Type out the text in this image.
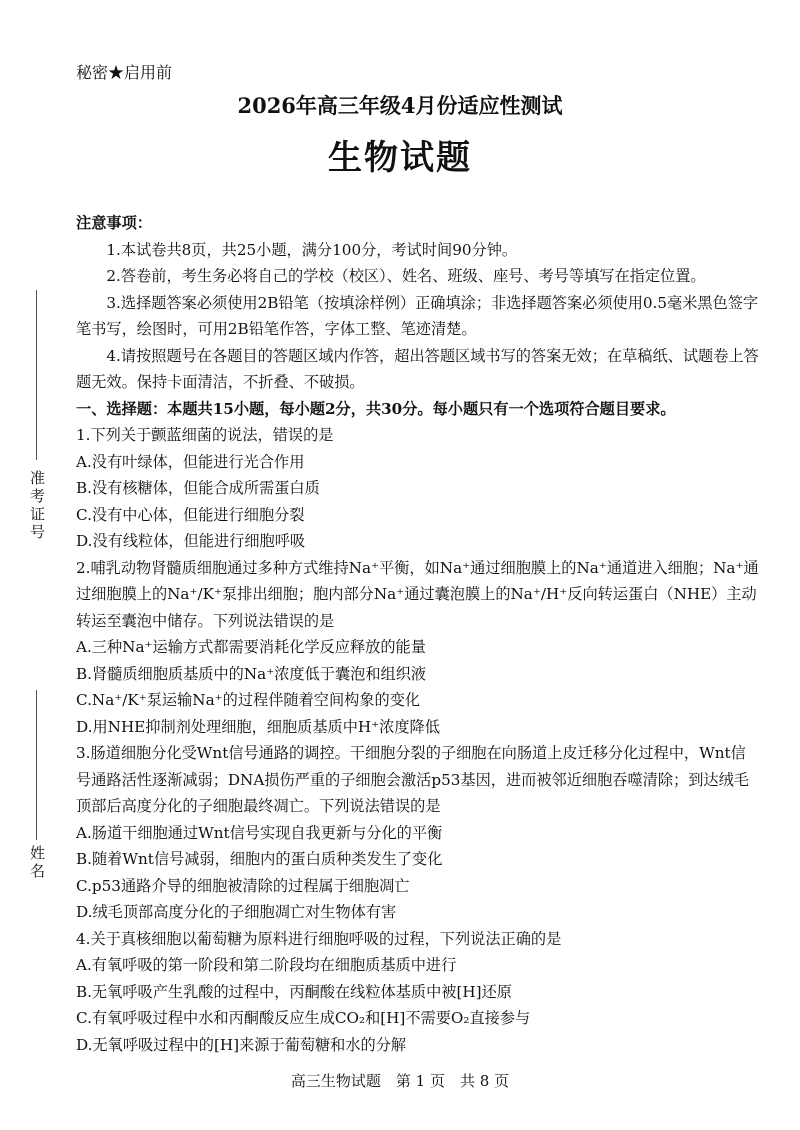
准考证号
姓名
秘密★启用前
2026年高三年级4月份适应性测试
生物试题

注意事项：

1.本试卷共8页，共25小题，满分100分，考试时间90分钟。

2.答卷前，考生务必将自己的学校（校区）、姓名、班级、座号、考号等填写在指定位置。

3.选择题答案必须使用2B铅笔（按填涂样例）正确填涂；非选择题答案必须使用0.5毫米黑色签字笔书写，绘图时，可用2B铅笔作答，字体工整、笔迹清楚。

4.请按照题号在各题目的答题区域内作答，超出答题区域书写的答案无效；在草稿纸、试题卷上答题无效。保持卡面清洁，不折叠、不破损。

一、选择题：本题共15小题，每小题2分，共30分。每小题只有一个选项符合题目要求。

1.下列关于颤蓝细菌的说法，错误的是

A.没有叶绿体，但能进行光合作用

B.没有核糖体，但能合成所需蛋白质

C.没有中心体，但能进行细胞分裂

D.没有线粒体，但能进行细胞呼吸

2.哺乳动物肾髓质细胞通过多种方式维持Na⁺平衡，如Na⁺通过细胞膜上的Na⁺通道进入细胞；Na⁺通过细胞膜上的Na⁺/K⁺泵排出细胞；胞内部分Na⁺通过囊泡膜上的Na⁺/H⁺反向转运蛋白（NHE）主动转运至囊泡中储存。下列说法错误的是

A.三种Na⁺运输方式都需要消耗化学反应释放的能量

B.肾髓质细胞质基质中的Na⁺浓度低于囊泡和组织液

C.Na⁺/K⁺泵运输Na⁺的过程伴随着空间构象的变化

D.用NHE抑制剂处理细胞，细胞质基质中H⁺浓度降低

3.肠道细胞分化受Wnt信号通路的调控。干细胞分裂的子细胞在向肠道上皮迁移分化过程中，Wnt信号通路活性逐渐减弱；DNA损伤严重的子细胞会激活p53基因，进而被邻近细胞吞噬清除；到达绒毛顶部后高度分化的子细胞最终凋亡。下列说法错误的是

A.肠道干细胞通过Wnt信号实现自我更新与分化的平衡

B.随着Wnt信号减弱，细胞内的蛋白质种类发生了变化

C.p53通路介导的细胞被清除的过程属于细胞凋亡

D.绒毛顶部高度分化的子细胞凋亡对生物体有害

4.关于真核细胞以葡萄糖为原料进行细胞呼吸的过程，下列说法正确的是

A.有氧呼吸的第一阶段和第二阶段均在细胞质基质中进行

B.无氧呼吸产生乳酸的过程中，丙酮酸在线粒体基质中被[H]还原

C.有氧呼吸过程中水和丙酮酸反应生成CO₂和[H]不需要O₂直接参与

D.无氧呼吸过程中的[H]来源于葡萄糖和水的分解

高三生物试题　第 1 页　共 8 页
